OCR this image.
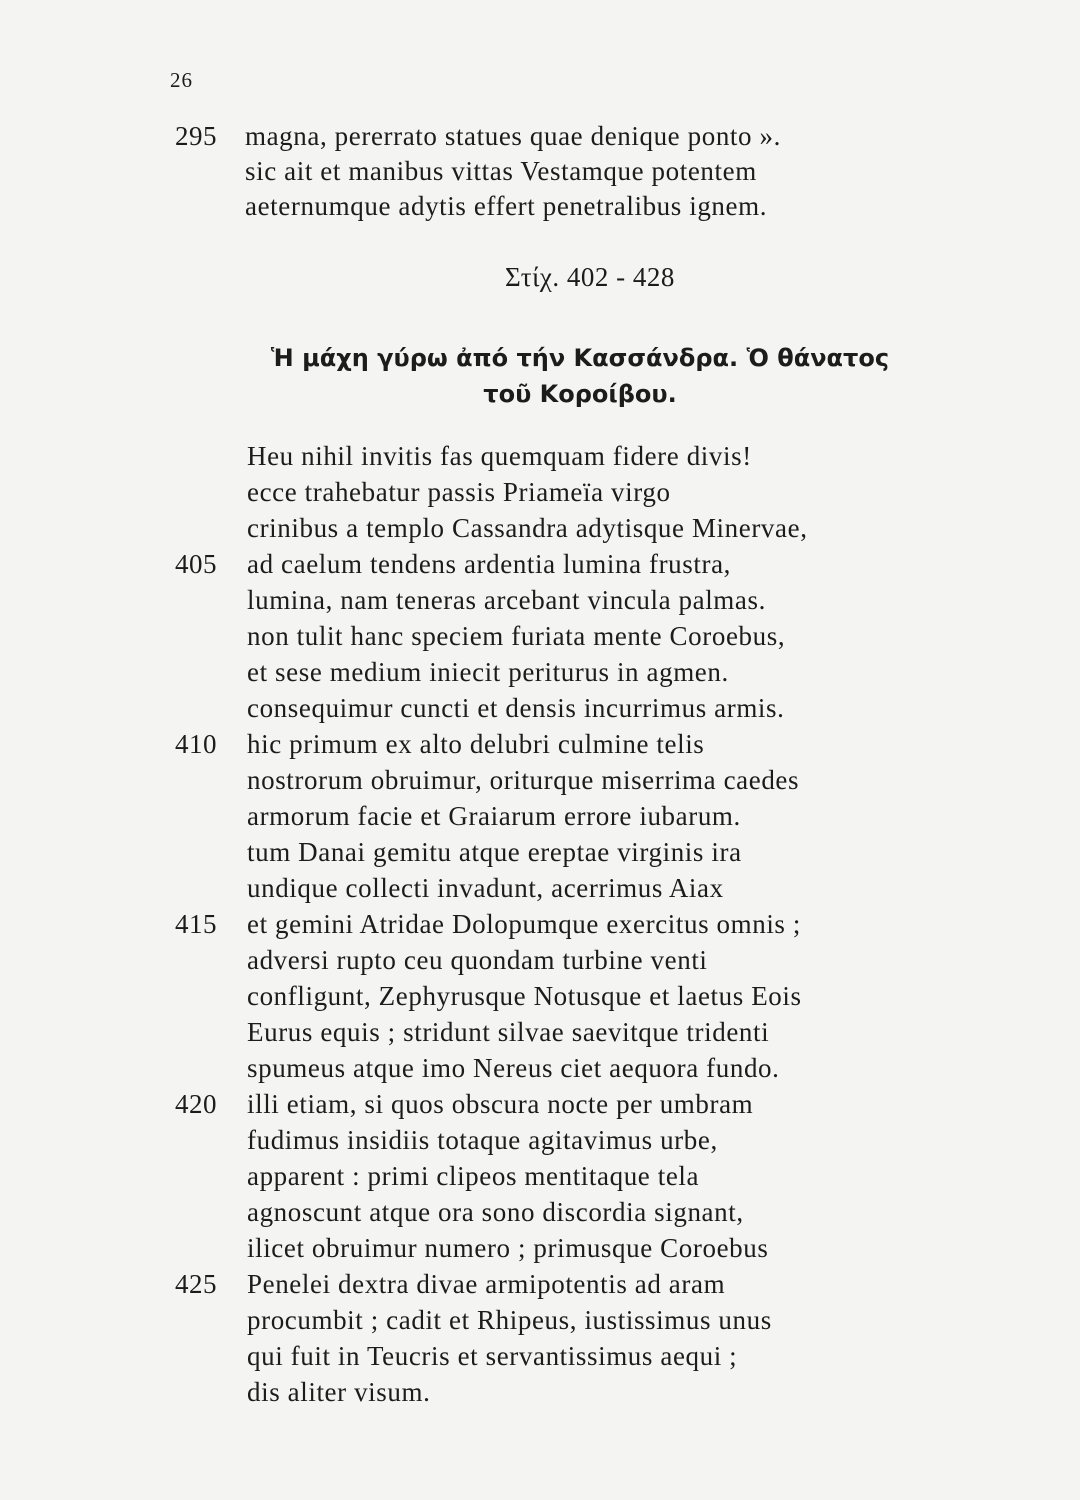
26
295	magna, pererrato statues quae denique ponto ».
sic ait et manibus vittas Vestamque potentem
aeternumque adytis effert penetralibus ignem.
Στίχ. 402 - 428
Ἡ μάχη γύρω ἀπό τήν Κασσάνδρα. Ὁ θάνατος
τοῦ Κοροίβου.
Heu nihil invitis fas quemquam fidere divis!
ecce trahebatur passis Priameïa virgo
crinibus a templo Cassandra adytisque Minervae,
405	ad caelum tendens ardentia lumina frustra,
lumina, nam teneras arcebant vincula palmas.
non tulit hanc speciem furiata mente Coroebus,
et sese medium iniecit periturus in agmen.
consequimur cuncti et densis incurrimus armis.
410	hic primum ex alto delubri culmine telis
nostrorum obruimur, oriturque miserrima caedes
armorum facie et Graiarum errore iubarum.
tum Danai gemitu atque ereptae virginis ira
undique collecti invadunt, acerrimus Aiax
415	et gemini Atridae Dolopumque exercitus omnis ;
adversi rupto ceu quondam turbine venti
confligunt, Zephyrusque Notusque et laetus Eois
Eurus equis ; stridunt silvae saevitque tridenti
spumeus atque imo Nereus ciet aequora fundo.
420	illi etiam, si quos obscura nocte per umbram
fudimus insidiis totaque agitavimus urbe,
apparent : primi clipeos mentitaque tela
agnoscunt atque ora sono discordia signant,
ilicet obruimur numero ; primusque Coroebus
425	Penelei dextra divae armipotentis ad aram
procumbit ; cadit et Rhipeus, iustissimus unus
qui fuit in Teucris et servantissimus aequi ;
dis aliter visum.
